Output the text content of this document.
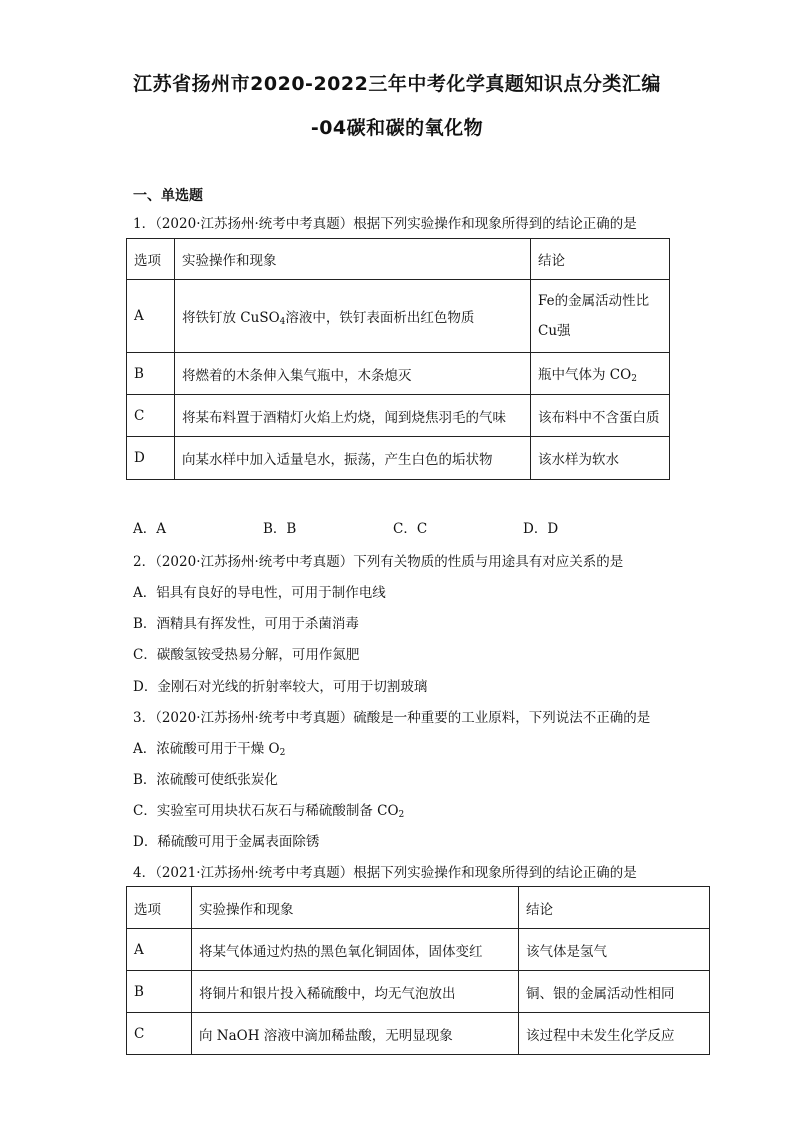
江苏省扬州市2020-2022三年中考化学真题知识点分类汇编
-04碳和碳的氧化物
一、单选题
1．（2020·江苏扬州·统考中考真题）根据下列实验操作和现象所得到的结论正确的是
选项	实验操作和现象	结论
A	将铁钉放 CuSO$_4$溶液中，铁钉表面析出红色物质	Fe的金属活动性比
Cu强

B	将燃着的木条伸入集气瓶中，木条熄灭	瓶中气体为 $CO_2$
C	将某布料置于酒精灯火焰上灼烧，闻到烧焦羽毛的气味	该布料中不含蛋白质
D	向某水样中加入适量皂水，振荡，产生白色的垢状物	该水样为软水
A．A	B．B	C．C	D．D
2．（2020·江苏扬州·统考中考真题）下列有关物质的性质与用途具有对应关系的是
A．铝具有良好的导电性，可用于制作电线
B．酒精具有挥发性，可用于杀菌消毒
C．碳酸氢铵受热易分解，可用作氮肥
D．金刚石对光线的折射率较大，可用于切割玻璃
3．（2020·江苏扬州·统考中考真题）硫酸是一种重要的工业原料，下列说法不正确的是
A．浓硫酸可用于干燥 $O_2$
B．浓硫酸可使纸张炭化
C．实验室可用块状石灰石与稀硫酸制备 $CO_2$
D．稀硫酸可用于金属表面除锈
4．（2021·江苏扬州·统考中考真题）根据下列实验操作和现象所得到的结论正确的是
选项	实验操作和现象	结论
A	将某气体通过灼热的黑色氧化铜固体，固体变红	该气体是氢气
B	将铜片和银片投入稀硫酸中，均无气泡放出	铜、银的金属活动性相同
C	向 NaOH 溶液中滴加稀盐酸，无明显现象	该过程中未发生化学反应
